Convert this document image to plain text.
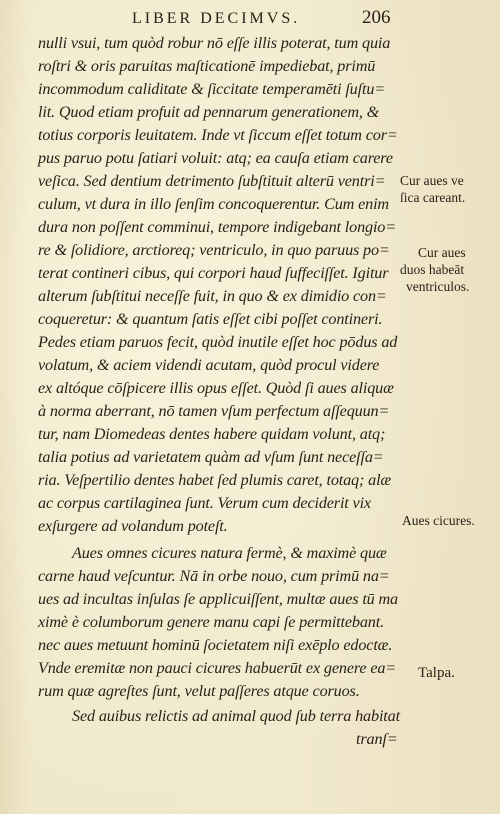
LIBER DECIMVS.	206
nulli vsui, tum quòd robur nō eſſe illis poterat, tum quia
roſtri & oris paruitas maſticationē impediebat, primū
incommodum caliditate & ſiccitate temperamēti ſuſtu=
lit. Quod etiam profuit ad pennarum generationem, &
totius corporis leuitatem. Inde vt ſiccum eſſet totum cor=
pus paruo potu ſatiari voluit: atq; ea cauſa etiam carere
veſica. Sed dentium detrimento ſubſtituit alterū ventri=
culum, vt dura in illo ſenſim concoquerentur. Cum enim
dura non poſſent comminui, tempore indigebant longio=
re & ſolidiore, arctioreq; ventriculo, in quo paruus po=
terat contineri cibus, qui corpori haud ſuffeciſſet. Igitur
alterum ſubſtitui neceſſe fuit, in quo & ex dimidio con=
coqueretur: & quantum ſatis eſſet cibi poſſet contineri.
Pedes etiam paruos fecit, quòd inutile eſſet hoc pōdus ad
volatum, & aciem videndi acutam, quòd procul videre
ex altóque cōſpicere illis opus eſſet. Quòd ſi aues aliquæ
à norma aberrant, nō tamen vſum perfectum aſſequun=
tur, nam Diomedeas dentes habere quidam volunt, atq;
talia potius ad varietatem quàm ad vſum ſunt neceſſa=
ria. Veſpertilio dentes habet ſed plumis caret, totaq; alæ
ac corpus cartilaginea ſunt. Verum cum deciderit vix
exſurgere ad volandum poteſt.
Aues omnes cicures natura fermè, & maximè quæ
carne haud veſcuntur. Nā in orbe nouo, cum primū na=
ues ad incultas inſulas ſe applicuiſſent, multæ aues tū ma
ximè è columborum genere manu capi ſe permittebant.
nec aues metuunt hominū ſocietatem niſi exēplo edoctæ.
Vnde eremitæ non pauci cicures habuerūt ex genere ea=
rum quæ agreſtes ſunt, velut paſſeres atque coruos.
Sed auibus relictis ad animal quod ſub terra habitat
tranſ=
Cur aues ve
ſica careant.
Cur aues
duos habeāt
ventriculos.
Aues cicures.
Talpa.
